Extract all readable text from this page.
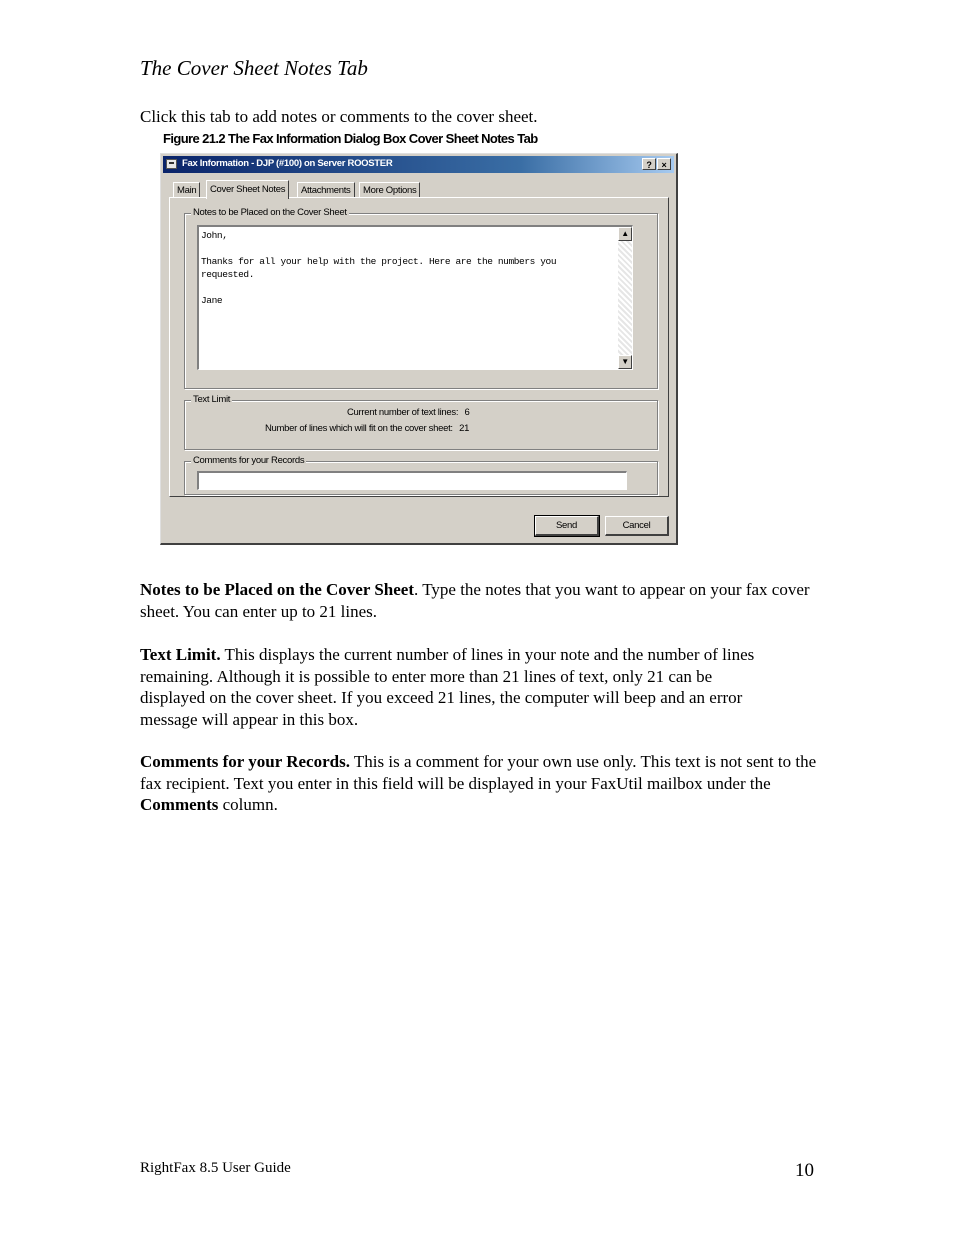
The Cover Sheet Notes Tab
Click this tab to add notes or comments to the cover sheet.
Figure 21.2 The Fax Information Dialog Box Cover Sheet Notes Tab
Fax Information - DJP (#100) on Server ROOSTER	?	×
Main	Cover Sheet Notes	Attachments	More Options
Notes to be Placed on the Cover Sheet
John,

Thanks for all your help with the project. Here are the numbers you
requested.

Jane
▲
▼
Text Limit
Current number of text lines: 6
Number of lines which will fit on the cover sheet: 21
Comments for your Records
Send	Cancel
Notes to be Placed on the Cover Sheet. Type the notes that you want to appear on your fax cover sheet. You can enter up to 21 lines.
Text Limit. This displays the current number of lines in your note and the number of lines remaining. Although it is possible to enter more than 21 lines of text, only 21 can be displayed on the cover sheet. If you exceed 21 lines, the computer will beep and an error message will appear in this box.
Comments for your Records. This is a comment for your own use only. This text is not sent to the fax recipient. Text you enter in this field will be displayed in your FaxUtil mailbox under the Comments column.
RightFax 8.5 User Guide	10
